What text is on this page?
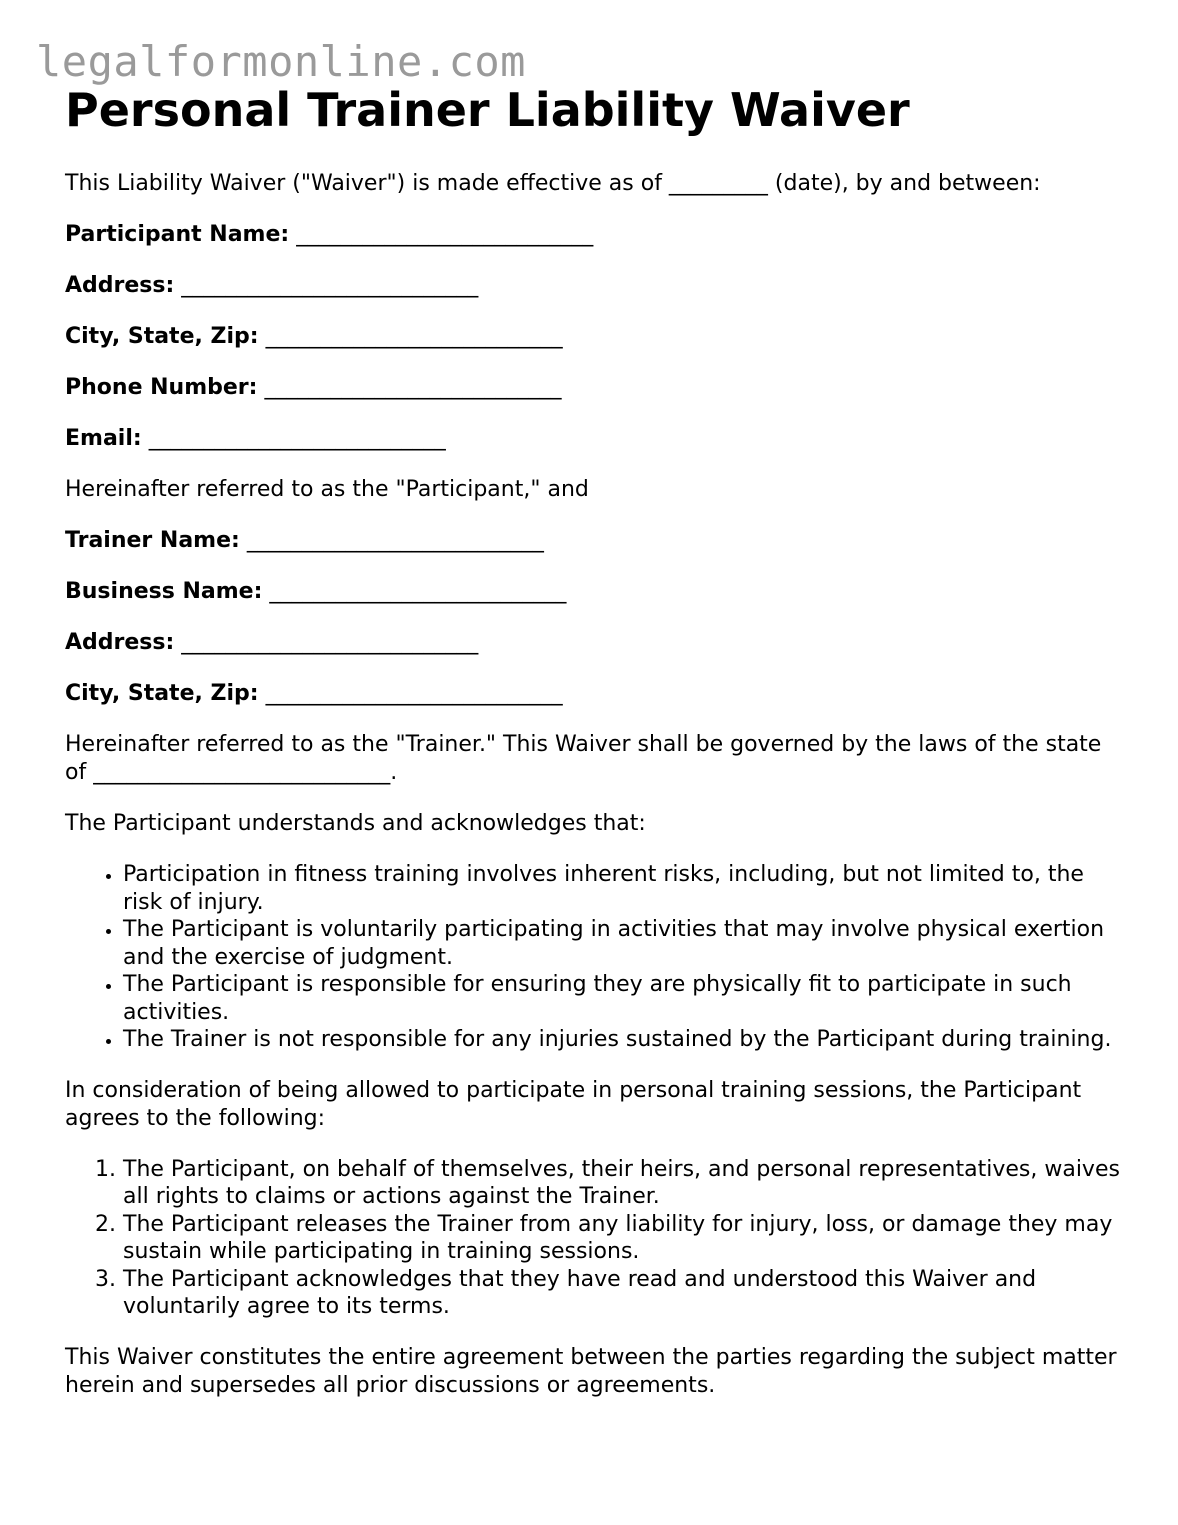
legalformonline.com
Personal Trainer Liability Waiver

This Liability Waiver ("Waiver") is made effective as of _________ (date), by and between:

Participant Name: ___________________________

Address: ___________________________

City, State, Zip: ___________________________

Phone Number: ___________________________

Email: ___________________________

Hereinafter referred to as the "Participant," and

Trainer Name: ___________________________

Business Name: ___________________________

Address: ___________________________

City, State, Zip: ___________________________

Hereinafter referred to as the "Trainer." This Waiver shall be governed by the laws of the state of ___________________________.

The Participant understands and acknowledges that:

• Participation in fitness training involves inherent risks, including, but not limited to, the risk of injury.
• The Participant is voluntarily participating in activities that may involve physical exertion and the exercise of judgment.
• The Participant is responsible for ensuring they are physically fit to participate in such activities.
• The Trainer is not responsible for any injuries sustained by the Participant during training.

In consideration of being allowed to participate in personal training sessions, the Participant agrees to the following:

1. The Participant, on behalf of themselves, their heirs, and personal representatives, waives all rights to claims or actions against the Trainer.
2. The Participant releases the Trainer from any liability for injury, loss, or damage they may sustain while participating in training sessions.
3. The Participant acknowledges that they have read and understood this Waiver and voluntarily agree to its terms.

This Waiver constitutes the entire agreement between the parties regarding the subject matter herein and supersedes all prior discussions or agreements.
